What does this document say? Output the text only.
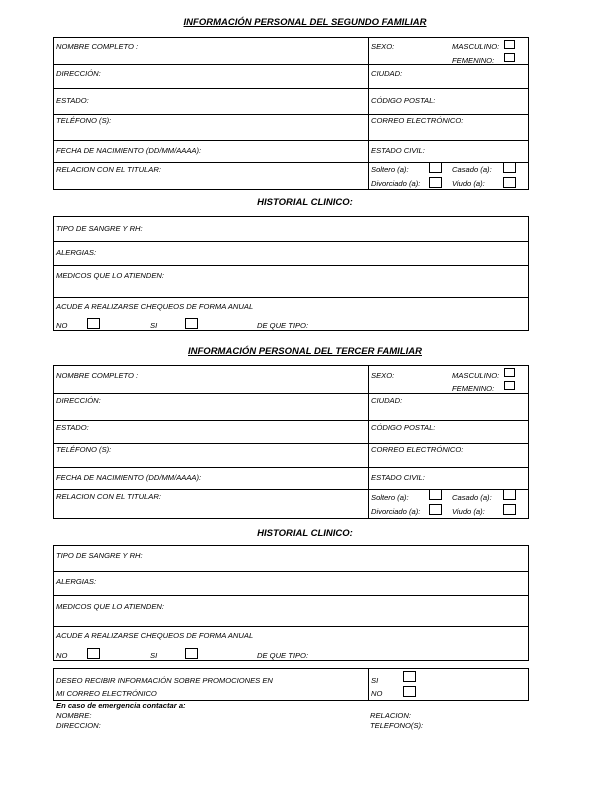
INFORMACIÓN PERSONAL DEL SEGUNDO FAMILIAR
NOMBRE COMPLETO :	SEXO:	MASCULINO:
FEMENINO:
DIRECCIÓN:	CIUDAD:
ESTADO:	CÓDIGO POSTAL:
TELÉFONO (S):	CORREO ELECTRÓNICO:
FECHA DE NACIMIENTO (DD/MM/AAAA):	ESTADO CIVIL:
RELACION CON EL TITULAR:	Soltero (a):	Casado (a):
Divorciado (a):	Viudo (a):
HISTORIAL CLINICO:
TIPO DE SANGRE Y RH:
ALERGIAS:
MEDICOS QUE LO ATIENDEN:
ACUDE A REALIZARSE CHEQUEOS DE FORMA ANUAL
NO	SI	DE QUE TIPO:
INFORMACIÓN PERSONAL DEL TERCER FAMILIAR
NOMBRE COMPLETO :	SEXO:	MASCULINO:
FEMENINO:
DIRECCIÓN:	CIUDAD:
ESTADO:	CÓDIGO POSTAL:
TELÉFONO (S):	CORREO ELECTRÓNICO:
FECHA DE NACIMIENTO (DD/MM/AAAA):	ESTADO CIVIL:
RELACION CON EL TITULAR:	Soltero (a):	Casado (a):
Divorciado (a):	Viudo (a):
HISTORIAL CLINICO:
TIPO DE SANGRE Y RH:
ALERGIAS:
MEDICOS QUE LO ATIENDEN:
ACUDE A REALIZARSE CHEQUEOS DE FORMA ANUAL
NO	SI	DE QUE TIPO:
DESEO RECIBIR INFORMACIÓN SOBRE PROMOCIONES EN
MI CORREO ELECTRÓNICO
SI
NO
En caso de emergencia contactar a:
NOMBRE:	RELACION:
DIRECCION:	TELEFONO(S):
